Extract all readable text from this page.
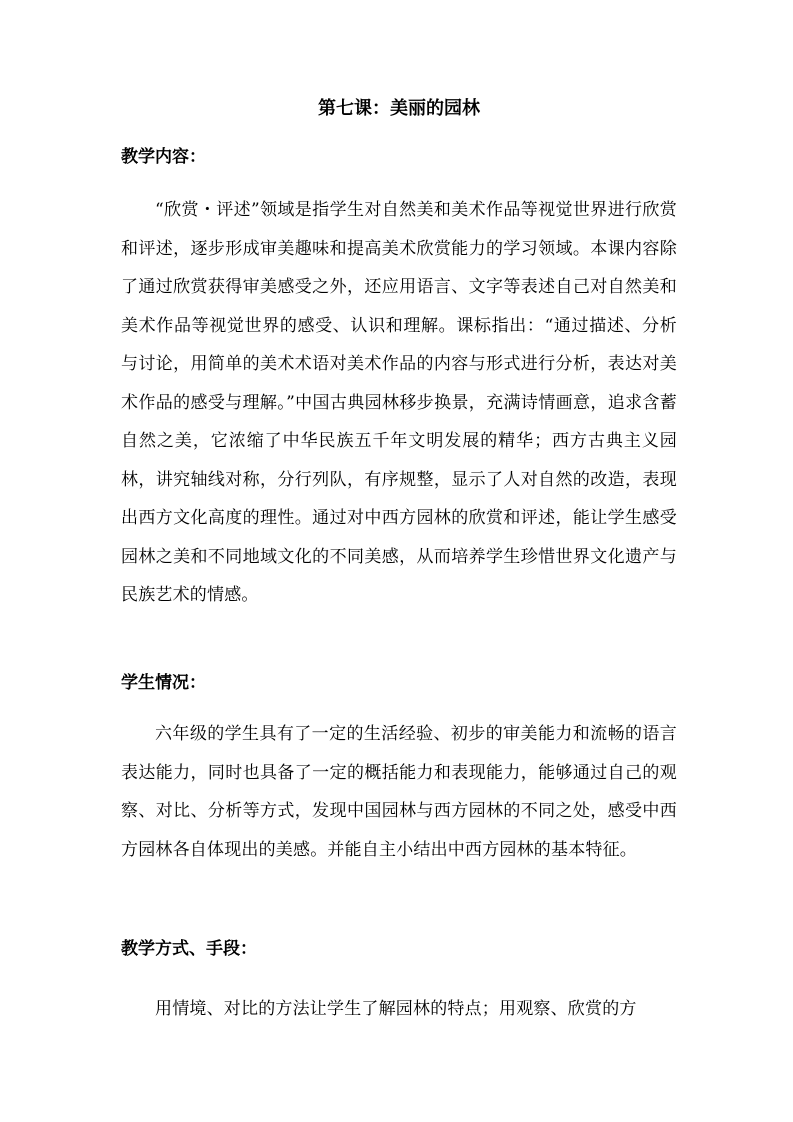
第七课：美丽的园林
教学内容：

“欣赏・评述”领域是指学生对自然美和美术作品等视觉世界进行欣赏和评述，逐步形成审美趣味和提高美术欣赏能力的学习领域。本课内容除了通过欣赏获得审美感受之外，还应用语言、文字等表述自己对自然美和美术作品等视觉世界的感受、认识和理解。课标指出：“通过描述、分析与讨论，用简单的美术术语对美术作品的内容与形式进行分析，表达对美术作品的感受与理解。”中国古典园林移步换景，充满诗情画意，追求含蓄自然之美，它浓缩了中华民族五千年文明发展的精华；西方古典主义园林，讲究轴线对称，分行列队，有序规整，显示了人对自然的改造，表现出西方文化高度的理性。通过对中西方园林的欣赏和评述，能让学生感受园林之美和不同地域文化的不同美感，从而培养学生珍惜世界文化遗产与民族艺术的情感。

学生情况：

六年级的学生具有了一定的生活经验、初步的审美能力和流畅的语言表达能力，同时也具备了一定的概括能力和表现能力，能够通过自己的观察、对比、分析等方式，发现中国园林与西方园林的不同之处，感受中西方园林各自体现出的美感。并能自主小结出中西方园林的基本特征。

教学方式、手段：

用情境、对比的方法让学生了解园林的特点；用观察、欣赏的方
